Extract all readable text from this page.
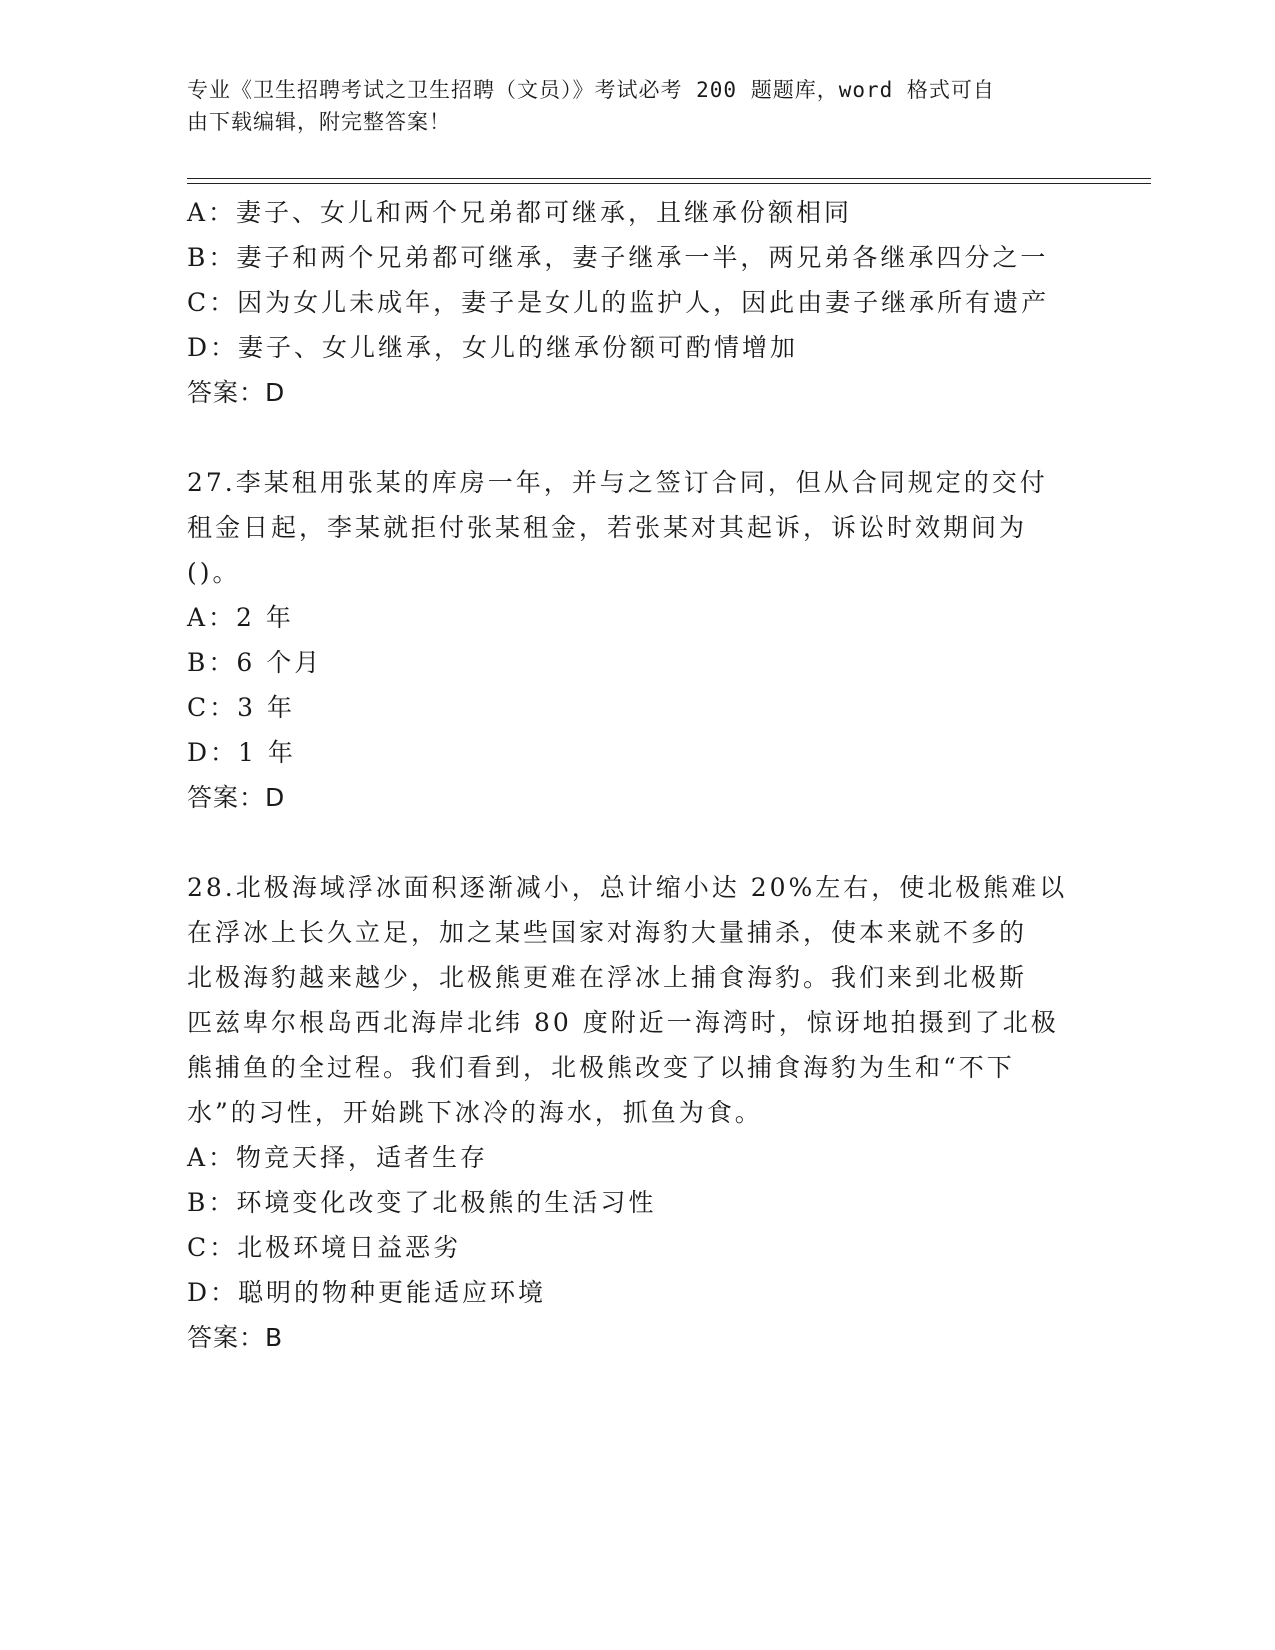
专业《卫生招聘考试之卫生招聘（文员）》考试必考 200 题题库，word 格式可自
由下载编辑，附完整答案！
A：妻子、女儿和两个兄弟都可继承，且继承份额相同
B：妻子和两个兄弟都可继承，妻子继承一半，两兄弟各继承四分之一
C：因为女儿未成年，妻子是女儿的监护人，因此由妻子继承所有遗产
D：妻子、女儿继承，女儿的继承份额可酌情增加
答案：D
27.李某租用张某的库房一年，并与之签订合同，但从合同规定的交付
租金日起，李某就拒付张某租金，若张某对其起诉，诉讼时效期间为
()。
A：2 年
B：6 个月
C：3 年
D：1 年
答案：D
28.北极海域浮冰面积逐渐减小，总计缩小达 20%左右，使北极熊难以
在浮冰上长久立足，加之某些国家对海豹大量捕杀，使本来就不多的
北极海豹越来越少，北极熊更难在浮冰上捕食海豹。我们来到北极斯
匹兹卑尔根岛西北海岸北纬 80 度附近一海湾时，惊讶地拍摄到了北极
熊捕鱼的全过程。我们看到，北极熊改变了以捕食海豹为生和“不下
水”的习性，开始跳下冰冷的海水，抓鱼为食。
A：物竞天择，适者生存
B：环境变化改变了北极熊的生活习性
C：北极环境日益恶劣
D：聪明的物种更能适应环境
答案：B
